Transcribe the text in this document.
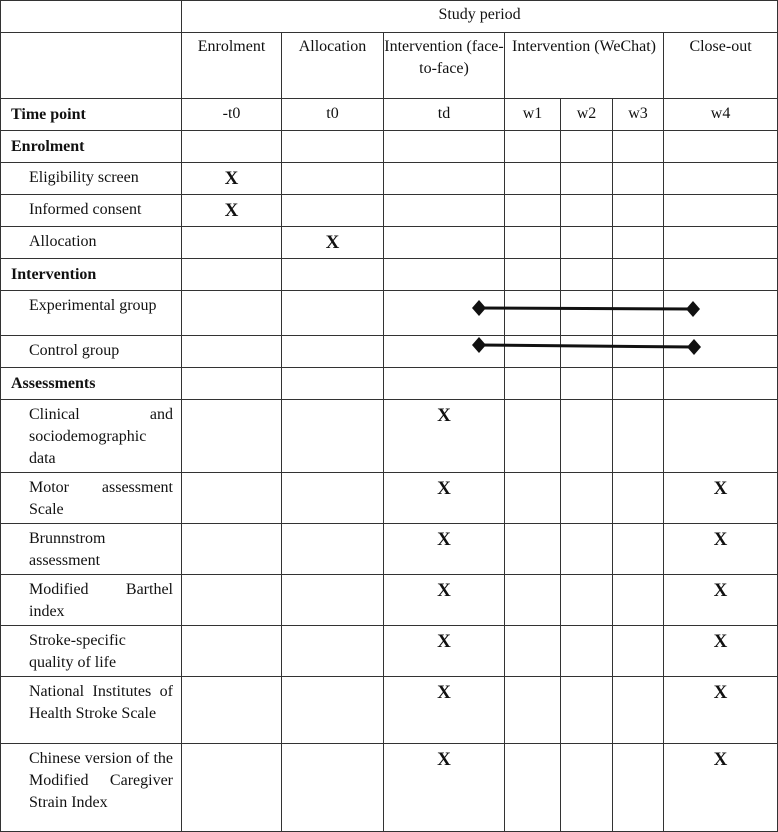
	Study period						
	Enrolment	Allocation	Intervention (face-to-face)	Intervention (WeChat)			Close-out
Time point	-t0	t0	td	w1	w2	w3	w4
Enrolment							
Eligibility screen	X						
Informed consent	X						
Allocation		X					
Intervention							
Experimental group							
Control group							
Assessments							
Clinical and sociodemographic data			X				
Motor assessment Scale			X				X
Brunnstrom assessment			X				X
Modified Barthel index			X				X
Stroke-specific quality of life			X				X
National Institutes of Health Stroke Scale			X				X
Chinese version of the Modified Caregiver Strain Index			X				X
